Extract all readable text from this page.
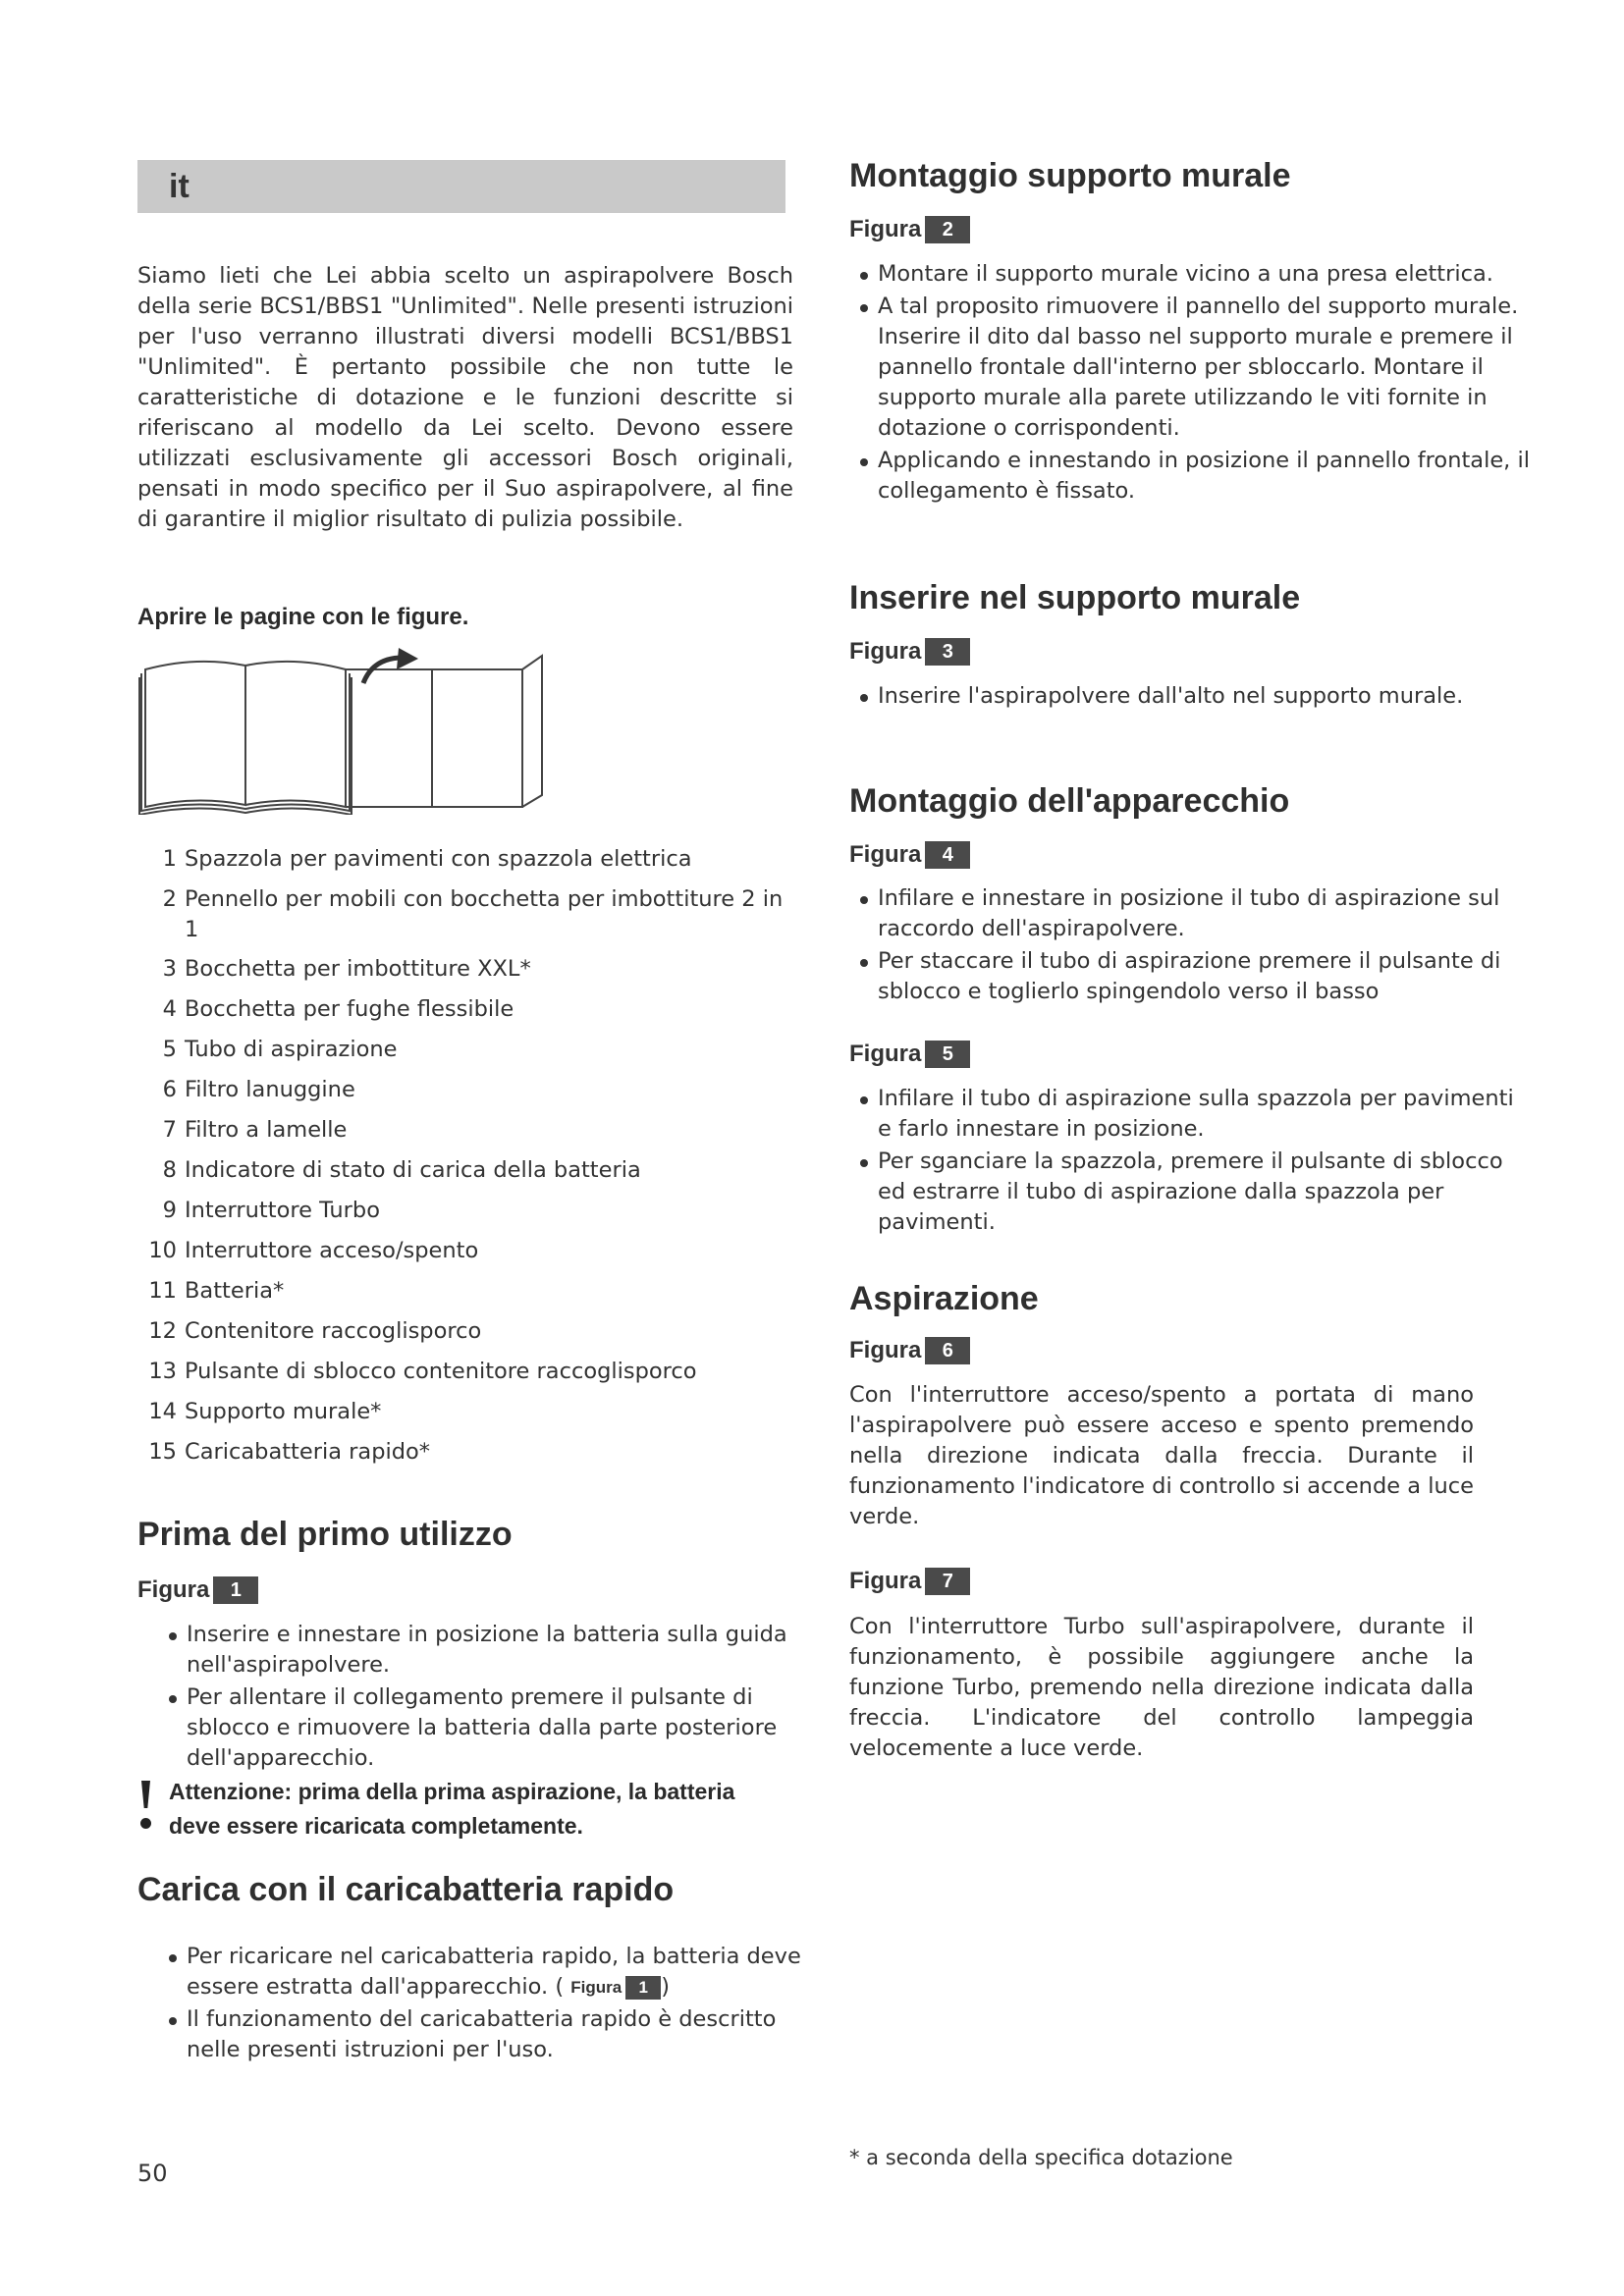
it

Siamo lieti che Lei abbia scelto un aspirapolvere Bosch della serie BCS1/BBS1 "Unlimited". Nelle presenti istruzioni per l'uso verranno illustrati diversi modelli BCS1/BBS1 "Unlimited". È pertanto possibile che non tutte le caratteristiche di dotazione e le funzioni descritte si riferiscano al modello da Lei scelto. Devono essere utilizzati esclusivamente gli accessori Bosch originali, pensati in modo specifico per il Suo aspirapolvere, al fine di garantire il miglior risultato di pulizia possibile.

Aprire le pagine con le figure.
1 Spazzola per pavimenti con spazzola elettrica
2 Pennello per mobili con bocchetta per imbottiture 2 in 1
3 Bocchetta per imbottiture XXL*
4 Bocchetta per fughe flessibile
5 Tubo di aspirazione
6 Filtro lanuggine
7 Filtro a lamelle
8 Indicatore di stato di carica della batteria
9 Interruttore Turbo
10 Interruttore acceso/spento
11 Batteria*
12 Contenitore raccoglisporco
13 Pulsante di sblocco contenitore raccoglisporco
14 Supporto murale*
15 Caricabatteria rapido*
Prima del primo utilizzo
Figura	1
Inserire e innestare in posizione la batteria sulla guida nell'aspirapolvere.
Per allentare il collegamento premere il pulsante di sblocco e rimuovere la batteria dalla parte posteriore dell'apparecchio.
Attenzione: prima della prima aspirazione, la batteria deve essere ricaricata completamente.
Carica con il caricabatteria rapido
Per ricaricare nel caricabatteria rapido, la batteria deve essere estratta dall'apparecchio. ( Figura	1 )
Il funzionamento del caricabatteria rapido è descritto nelle presenti istruzioni per l'uso.
50
Montaggio supporto murale
Figura	2
Montare il supporto murale vicino a una presa elettrica.
A tal proposito rimuovere il pannello del supporto murale. Inserire il dito dal basso nel supporto murale e premere il pannello frontale dall'interno per sbloccarlo. Montare il supporto murale alla parete utilizzando le viti fornite in dotazione o corrispondenti.
Applicando e innestando in posizione il pannello frontale, il collegamento è fissato.
Inserire nel supporto murale
Figura	3
Inserire l'aspirapolvere dall'alto nel supporto murale.
Montaggio dell'apparecchio
Figura	4
Infilare e innestare in posizione il tubo di aspirazione sul raccordo dell'aspirapolvere.
Per staccare il tubo di aspirazione premere il pulsante di sblocco e toglierlo spingendolo verso il basso
Figura	5
Infilare il tubo di aspirazione sulla spazzola per pavimenti e farlo innestare in posizione.
Per sganciare la spazzola, premere il pulsante di sblocco ed estrarre il tubo di aspirazione dalla spazzola per pavimenti.
Aspirazione
Figura	6

Con l'interruttore acceso/spento a portata di mano l'aspirapolvere può essere acceso e spento premendo nella direzione indicata dalla freccia. Durante il funzionamento l'indicatore di controllo si accende a luce verde.

Figura	7

Con l'interruttore Turbo sull'aspirapolvere, durante il funzionamento, è possibile aggiungere anche la funzione Turbo, premendo nella direzione indicata dalla freccia. L'indicatore del controllo lampeggia velocemente a luce verde.

* a seconda della specifica dotazione
